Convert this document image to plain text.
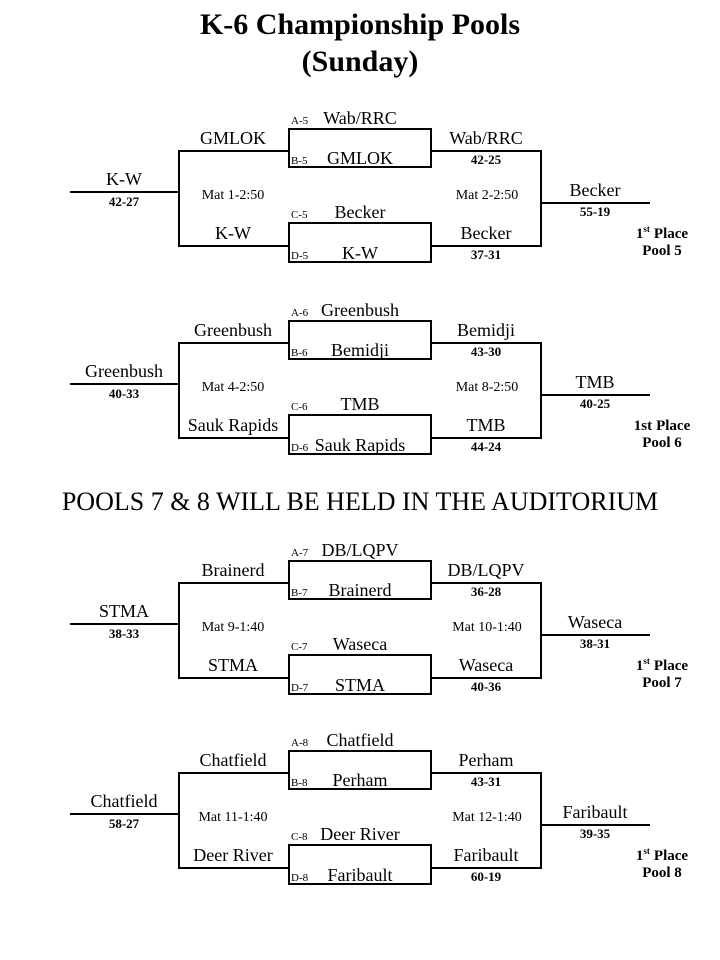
K-6 Championship Pools
(Sunday)
K-W
42-27
GMLOK
K-W
A-5 Wab/RRC
B-5	GMLOK
C-5	Becker
D-5	K-W
Mat 1-2:50	Mat 2-2:50
Wab/RRC
42-25
Becker
37-31
Becker
55-19
1st Place
Pool 5
Greenbush
40-33
Greenbush
Sauk Rapids
A-6 Greenbush
B-6	Bemidji
C-6	TMB
D-6 Sauk Rapids
Mat 4-2:50	Mat 8-2:50
Bemidji
43-30
TMB
44-24
TMB
40-25
1st Place
Pool 6
POOLS 7 & 8 WILL BE HELD IN THE AUDITORIUM
STMA
38-33
Brainerd
STMA
A-7 DB/LQPV
B-7	Brainerd
C-7	Waseca
D-7	STMA
Mat 9-1:40	Mat 10-1:40
DB/LQPV
36-28
Waseca
40-36
Waseca
38-31
1st Place
Pool 7
Chatfield
58-27
Chatfield
Deer River
A-8	Chatfield
B-8	Perham
C-8 Deer River
D-8	Faribault
Mat 11-1:40	Mat 12-1:40
Perham
43-31
Faribault
60-19
Faribault
39-35
1st Place
Pool 8
